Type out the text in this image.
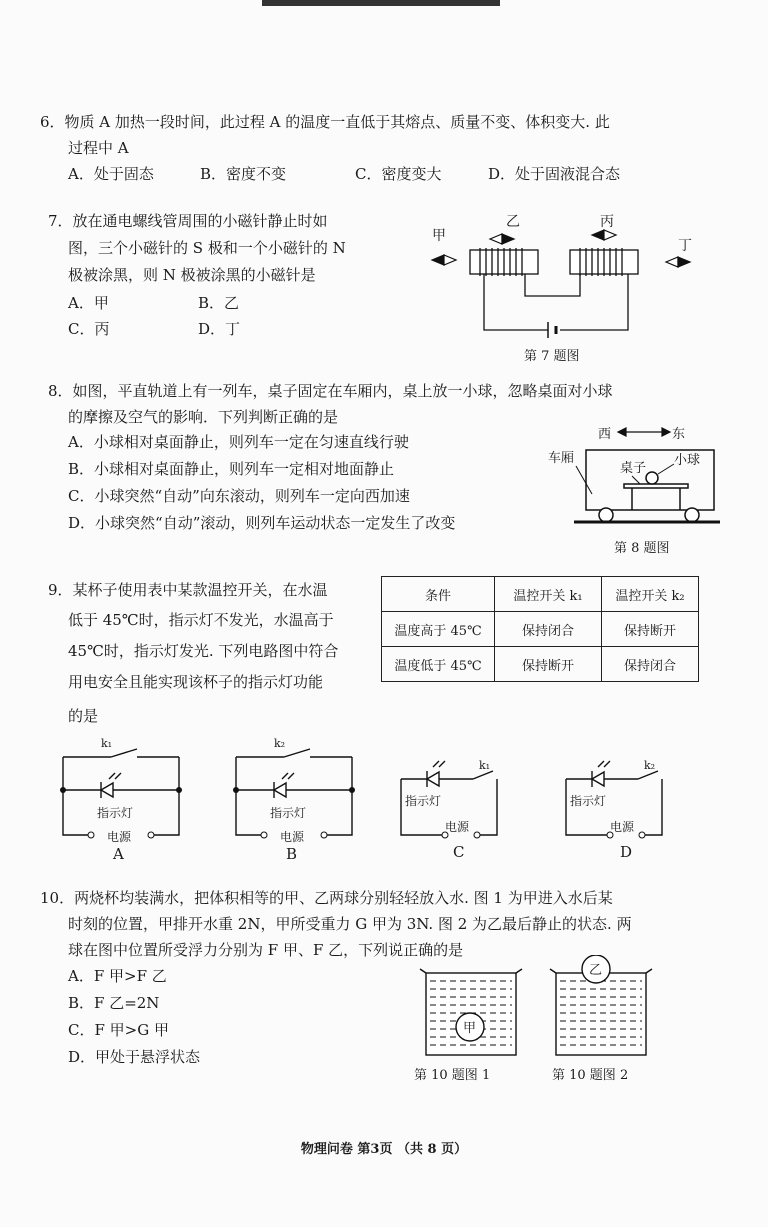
6．物质 A 加热一段时间，此过程 A 的温度一直低于其熔点、质量不变、体积变大. 此
过程中 A
A．处于固态	B．密度不变	C．密度变大	D．处于固液混合态
7．放在通电螺线管周围的小磁针静止时如
图，三个小磁针的 S 极和一个小磁针的 N
极被涂黑，则 N 极被涂黑的小磁针是
A．甲	B．乙
C．丙	D．丁
甲
乙	丙
丁
第 7 题图
8．如图，平直轨道上有一列车，桌子固定在车厢内，桌上放一小球，忽略桌面对小球
的摩擦及空气的影响．下列判断正确的是
A．小球相对桌面静止，则列车一定在匀速直线行驶
B．小球相对桌面静止，则列车一定相对地面静止
C．小球突然“自动”向东滚动，则列车一定向西加速
D．小球突然“自动”滚动，则列车运动状态一定发生了改变
西	东
车厢
桌子
小球
第 8 题图
9．某杯子使用表中某款温控开关，在水温
低于 45℃时，指示灯不发光，水温高于
45℃时，指示灯发光. 下列电路图中符合
用电安全且能实现该杯子的指示灯功能
的是
条件	温控开关 k₁	温控开关 k₂
温度高于 45℃	保持闭合	保持断开
温度低于 45℃	保持断开	保持闭合
k₁
指示灯
电源
A
k₂
指示灯
电源
B
k₁
指示灯
电源
C
k₂
指示灯
电源
D
10．两烧杯均装满水，把体积相等的甲、乙两球分别轻轻放入水. 图 1 为甲进入水后某
时刻的位置，甲排开水重 2N，甲所受重力 G 甲为 3N. 图 2 为乙最后静止的状态. 两
球在图中位置所受浮力分别为 F 甲、F 乙，下列说正确的是
A．F 甲>F 乙
B．F 乙=2N
C．F 甲>G 甲
D．甲处于悬浮状态
甲
乙
第 10 题图 1	第 10 题图 2
物理问卷 第3页 （共 8 页）
